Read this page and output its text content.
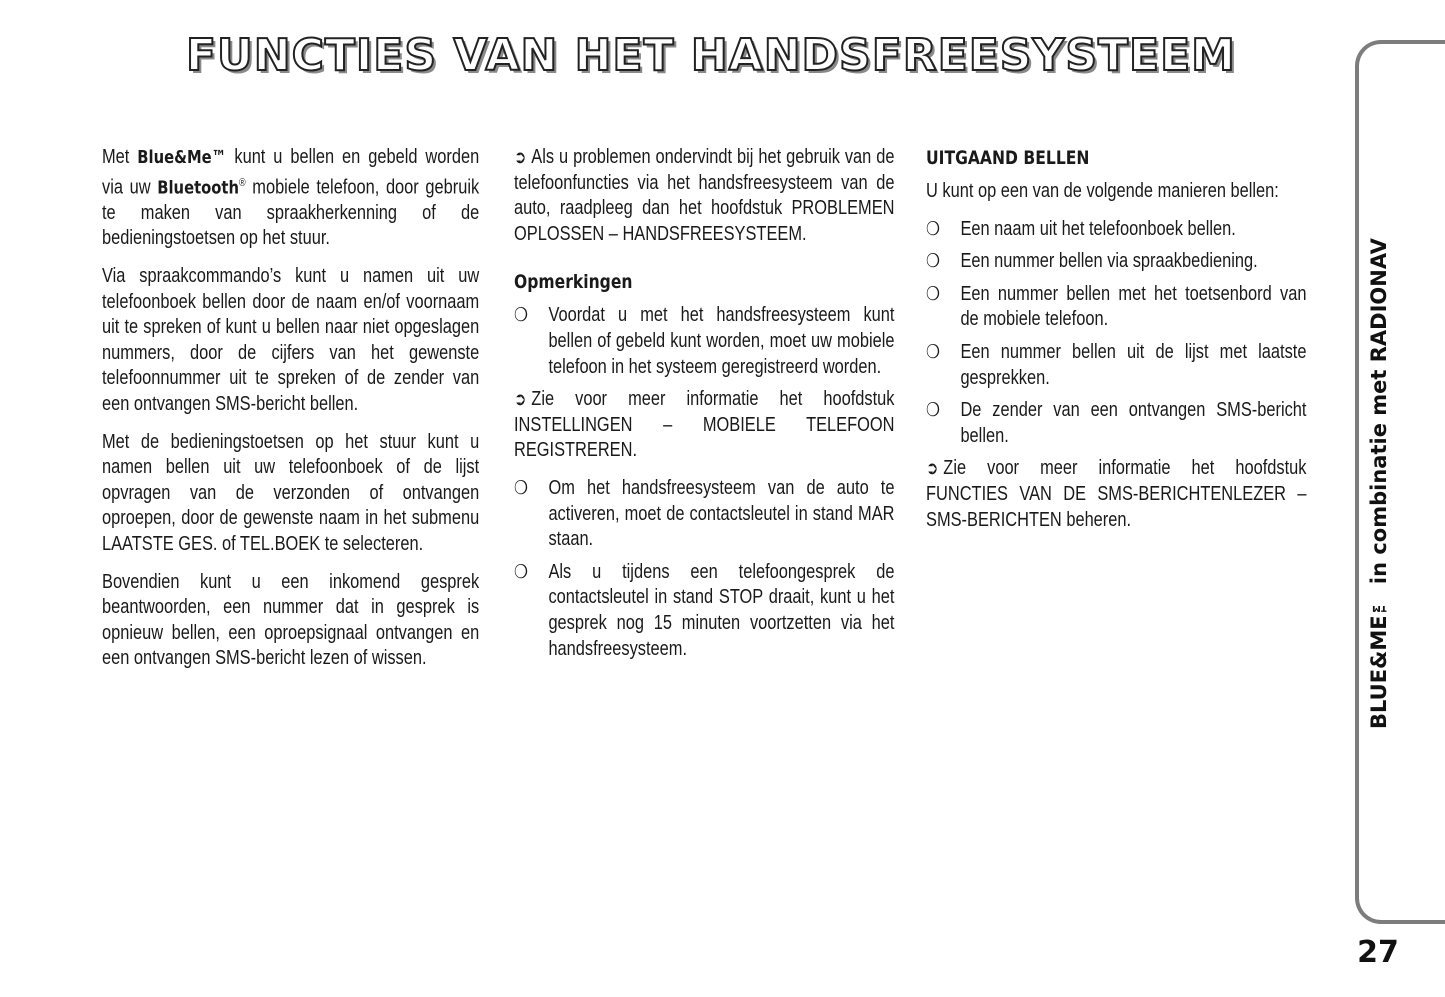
FUNCTIES VAN HET HANDSFREESYSTEEM

Met Blue&Me™ kunt u bellen en gebeld worden via uw Bluetooth® mobiele telefoon, door gebruik te maken van spraakherkenning of de bedieningstoetsen op het stuur.

Via spraakcommando’s kunt u namen uit uw telefoonboek bellen door de naam en/of voornaam uit te spreken of kunt u bellen naar niet opgeslagen nummers, door de cijfers van het gewenste telefoonnummer uit te spreken of de zender van een ontvangen SMS-bericht bellen.

Met de bedieningstoetsen op het stuur kunt u namen bellen uit uw telefoonboek of de lijst opvragen van de verzonden of ontvangen oproepen, door de gewenste naam in het submenu LAATSTE GES. of TEL.BOEK te selecteren.

Bovendien kunt u een inkomend gesprek beantwoorden, een nummer dat in gesprek is opnieuw bellen, een oproepsignaal ontvangen en een ontvangen SMS-bericht lezen of wissen.

➲ Als u problemen ondervindt bij het gebruik van de telefoonfuncties via het handsfreesysteem van de auto, raadpleeg dan het hoofdstuk PROBLEMEN OPLOSSEN – HANDSFREESYSTEEM.

Opmerkingen
❍	Voordat u met het handsfreesysteem kunt bellen of gebeld kunt worden, moet uw mobiele telefoon in het systeem geregistreerd worden.

➲ Zie voor meer informatie het hoofdstuk INSTELLINGEN – MOBIELE TELEFOON REGISTREREN.

❍	Om het handsfreesysteem van de auto te activeren, moet de contactsleutel in stand MAR staan.
❍	Als u tijdens een telefoongesprek de contactsleutel in stand STOP draait, kunt u het gesprek nog 15 minuten voortzetten via het handsfreesysteem.
UITGAAND BELLEN

U kunt op een van de volgende manieren bellen:

❍	Een naam uit het telefoonboek bellen.
❍	Een nummer bellen via spraakbediening.
❍	Een nummer bellen met het toetsenbord van de mobiele telefoon.
❍	Een nummer bellen uit de lijst met laatste gesprekken.
❍	De zender van een ontvangen SMS-bericht bellen.

➲ Zie voor meer informatie het hoofdstuk FUNCTIES VAN DE SMS-BERICHTENLEZER – SMS-BERICHTEN beheren.	BLUE&ME™ in combinatie met RADIONAV
27
